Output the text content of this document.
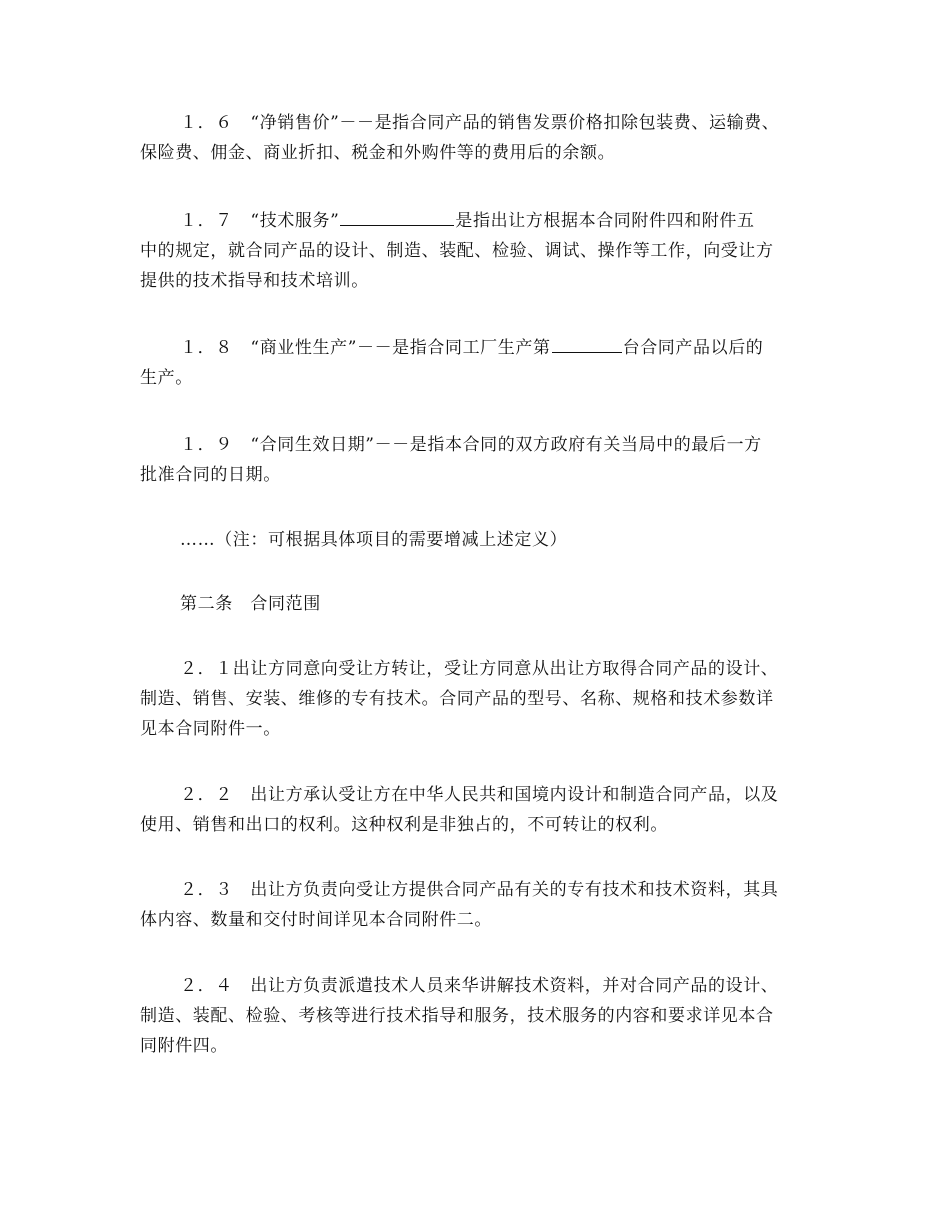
１．６　“净销售价”－－是指合同产品的销售发票价格扣除包装费、运输费、
保险费、佣金、商业折扣、税金和外购件等的费用后的余额。

１．７　“技术服务”	是指出让方根据本合同附件四和附件五
中的规定，就合同产品的设计、制造、装配、检验、调试、操作等工作，向受让方
提供的技术指导和技术培训。

１．８　“商业性生产”－－是指合同工厂生产第	台合同产品以后的
生产。

１．９　“合同生效日期”－－是指本合同的双方政府有关当局中的最后一方
批准合同的日期。

……（注：可根据具体项目的需要增减上述定义）

第二条　合同范围

２．１出让方同意向受让方转让，受让方同意从出让方取得合同产品的设计、
制造、销售、安装、维修的专有技术。合同产品的型号、名称、规格和技术参数详
见本合同附件一。

２．２　出让方承认受让方在中华人民共和国境内设计和制造合同产品，以及
使用、销售和出口的权利。这种权利是非独占的，不可转让的权利。

２．３　出让方负责向受让方提供合同产品有关的专有技术和技术资料，其具
体内容、数量和交付时间详见本合同附件二。

２．４　出让方负责派遣技术人员来华讲解技术资料，并对合同产品的设计、
制造、装配、检验、考核等进行技术指导和服务，技术服务的内容和要求详见本合
同附件四。
